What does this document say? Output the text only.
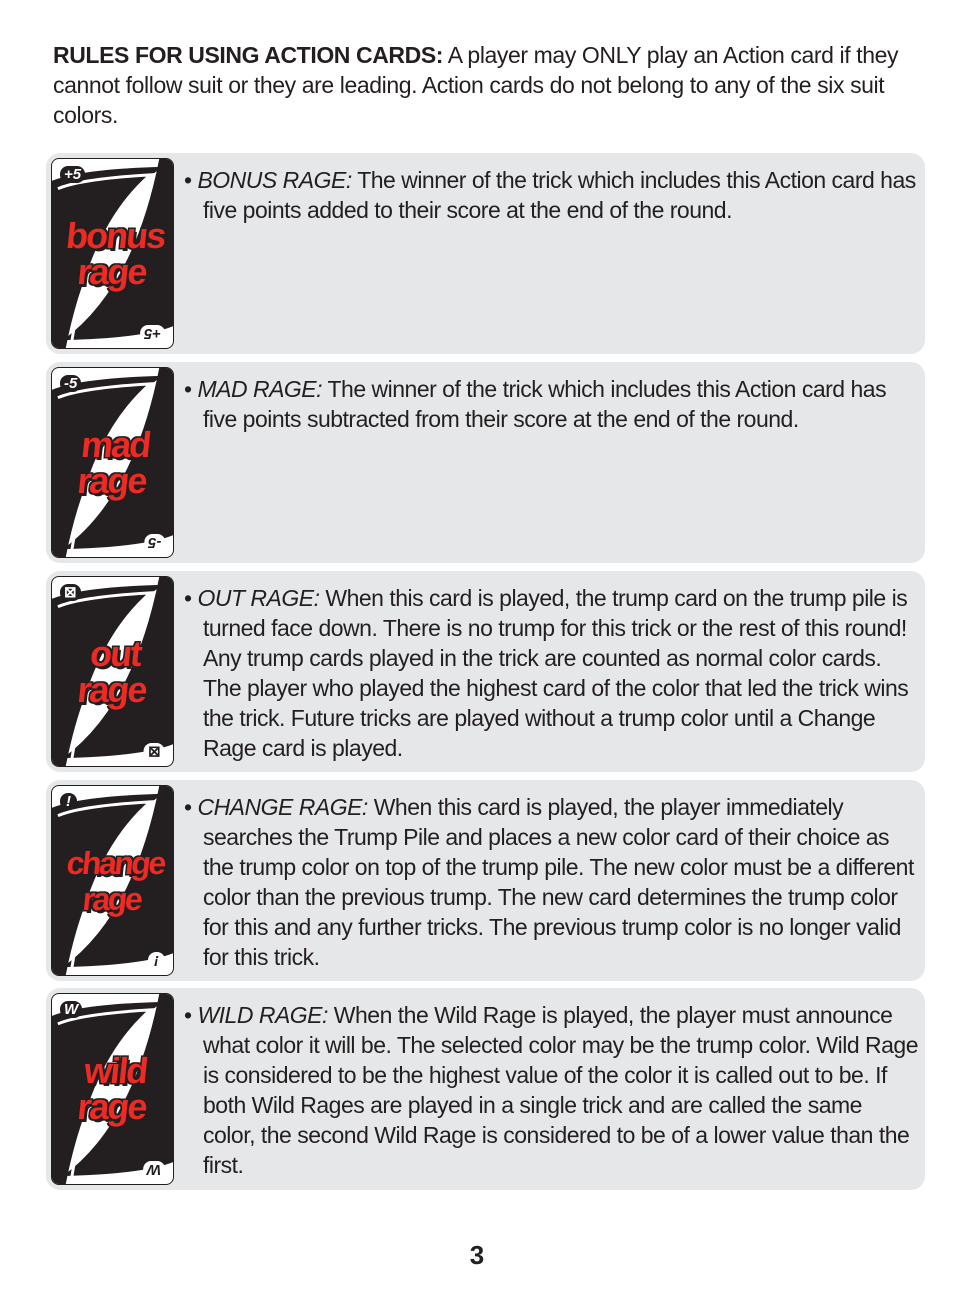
RULES FOR USING ACTION CARDS: A player may ONLY play an Action card if they cannot follow suit or they are leading. Action cards do not belong to any of the six suit colors.
+5
+5
bonus
rage
• BONUS RAGE: The winner of the trick which includes this Action card has five points added to their score at the end of the round.
-5
-5
mad
rage
• MAD RAGE: The winner of the trick which includes this Action card has five points subtracted from their score at the end of the round.
⊠
⊠
out
rage
• OUT RAGE: When this card is played, the trump card on the trump pile is turned face down. There is no trump for this trick or the rest of this round! Any trump cards played in the trick are counted as normal color cards. The player who played the highest card of the color that led the trick wins the trick. Future tricks are played without a trump color until a Change Rage card is played.
!
!
change
rage
• CHANGE RAGE: When this card is played, the player immediately searches the Trump Pile and places a new color card of their choice as the trump color on top of the trump pile. The new color must be a different color than the previous trump. The new card determines the trump color for this and any further tricks. The previous trump color is no longer valid for this trick.
W
W
wild
rage
• WILD RAGE: When the Wild Rage is played, the player must announce what color it will be. The selected color may be the trump color. Wild Rage is considered to be the highest value of the color it is called out to be. If both Wild Rages are played in a single trick and are called the same color, the second Wild Rage is considered to be of a lower value than the first.
3
